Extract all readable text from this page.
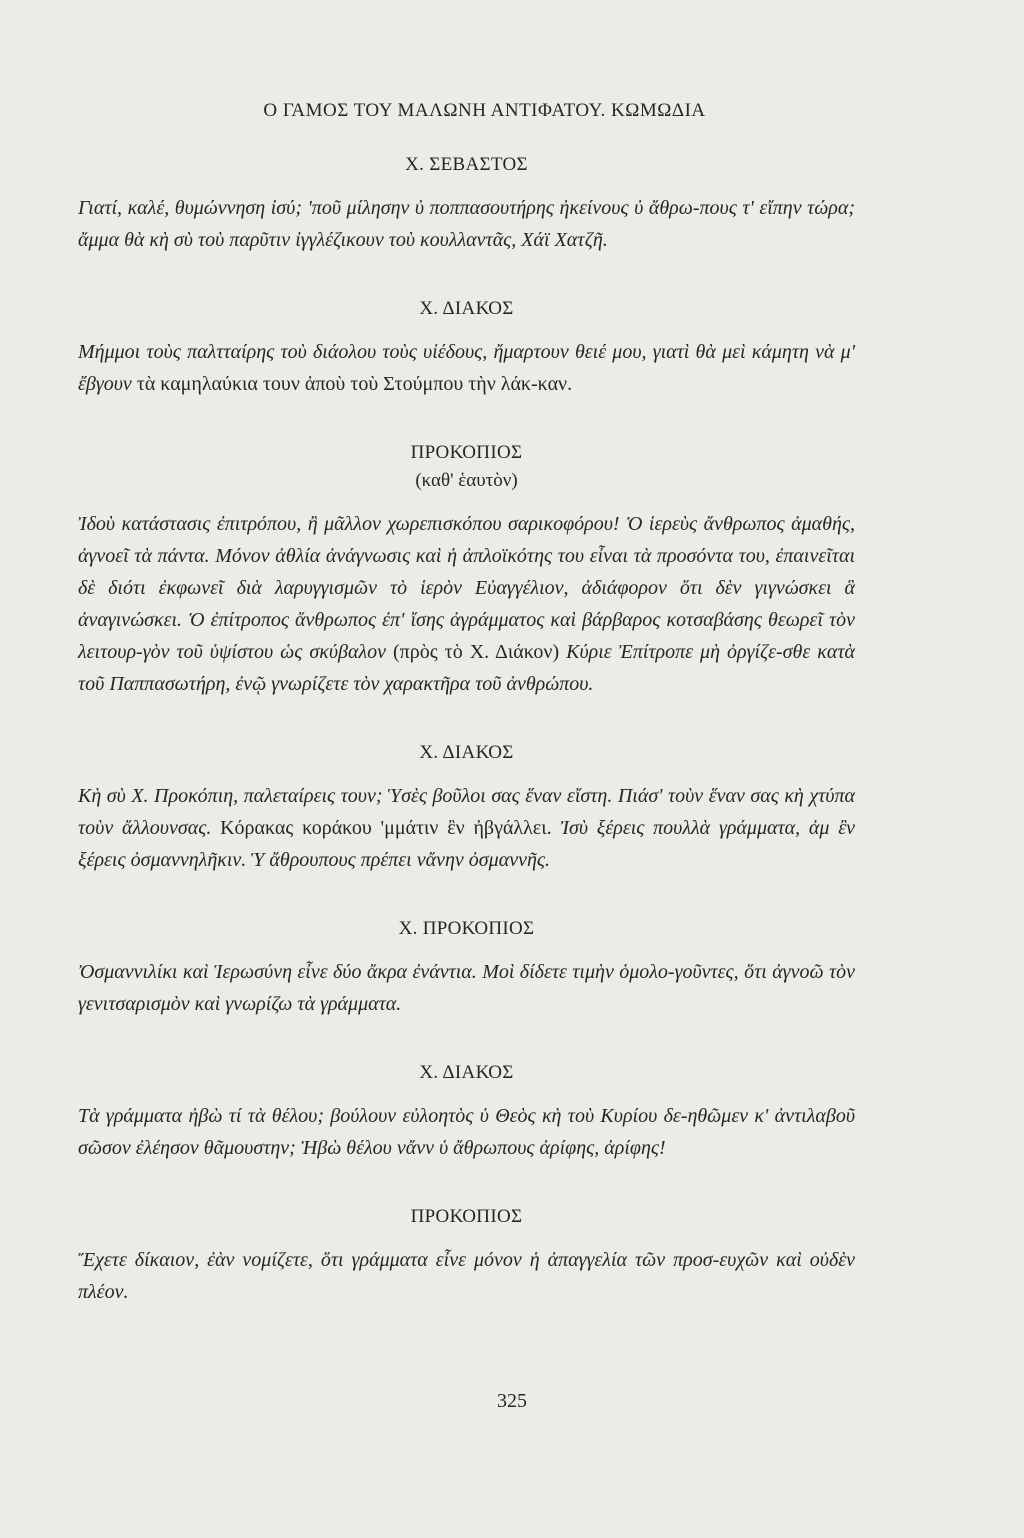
Ο ΓΑΜΟΣ ΤΟΥ ΜΑΛΩΝΗ ΑΝΤΙΦΑΤΟΥ. ΚΩΜΩΔΙΑ

Χ. ΣΕΒΑΣΤΟΣ

Γιατί, καλέ, θυμώννηση ἰσύ; 'ποῦ μίλησην ὐ ποππασουτήρης ἠκείνους ὐ ἄθρω-πους τ' εἴπην τώρα; ἄμμα θὰ κὴ σὺ τοὺ παρῦτιν ἰγγλέζικουν τοὺ κουλλαντᾶς, Χάϊ Χατζῆ.

Χ. ΔΙΑΚΟΣ

Μήμμοι τοὺς παλτταίρης τοὺ διάολου τοὺς υἱέδους, ἤμαρτουν θειέ μου, γιατὶ θὰ μεὶ κάμητη νὰ μ' ἔβγουν τὰ καμηλαύκια τουν ἀποὺ τοὺ Στούμπου τὴν λάκ-καν.

ΠΡΟΚΟΠΙΟΣ

(καθ' ἑαυτὸν)

Ἰδοὺ κατάστασις ἐπιτρόπου, ἢ μᾶλλον χωρεπισκόπου σαρικοφόρου! Ὁ ἱερεὺς ἄνθρωπος ἀμαθής, ἀγνοεῖ τὰ πάντα. Μόνον ἀθλία ἀνάγνωσις καὶ ἡ ἀπλοϊκότης του εἶναι τὰ προσόντα του, ἐπαινεῖται δὲ διότι ἐκφωνεῖ διὰ λαρυγγισμῶν τὸ ἱερὸν Εὐαγγέλιον, ἀδιάφορον ὅτι δὲν γιγνώσκει ἃ ἀναγινώσκει. Ὁ ἐπίτροπος ἄνθρωπος ἐπ' ἴσης ἀγράμματος καὶ βάρβαρος κοτσαβάσης θεωρεῖ τὸν λειτουρ-γὸν τοῦ ὑψίστου ὡς σκύβαλον (πρὸς τὸ Χ. Διάκον) Κύριε Ἐπίτροπε μὴ ὀργίζε-σθε κατὰ τοῦ Παππασωτήρη, ἐνῷ γνωρίζετε τὸν χαρακτῆρα τοῦ ἀνθρώπου.

Χ. ΔΙΑΚΟΣ

Κὴ σὺ Χ. Προκόπιη, παλεταίρεις τουν; Ὑσὲς βοῦλοι σας ἕναν εἴστη. Πιάσ' τοὺν ἕναν σας κὴ χτύπα τοὺν ἄλλουνσας. Κόρακας κοράκου 'μμάτιν ἒν ἠβγάλλει. Ἰσὺ ξέρεις πουλλὰ γράμματα, ἀμ ἒν ξέρεις ὀσμαννηλῆκιν. Ὑ ἄθρουπους πρέπει νἄνην ὀσμαννῆς.

Χ. ΠΡΟΚΟΠΙΟΣ

Ὀσμαννιλίκι καὶ Ἱερωσύνη εἶνε δύο ἄκρα ἐνάντια. Μοὶ δίδετε τιμὴν ὁμολο-γοῦντες, ὅτι ἀγνοῶ τὸν γενιτσαρισμὸν καὶ γνωρίζω τὰ γράμματα.

Χ. ΔΙΑΚΟΣ

Τὰ γράμματα ἠβὼ τί τὰ θέλου; βούλουν εὐλοητὸς ὑ Θεὸς κὴ τοὺ Κυρίου δε-ηθῶμεν κ' ἀντιλαβοῦ σῶσον ἐλέησον θᾶμουστην; Ἠβὼ θέλου νἄνν ὑ ἄθρωπους ἀρίφης, ἀρίφης!

ΠΡΟΚΟΠΙΟΣ

Ἔχετε δίκαιον, ἐὰν νομίζετε, ὅτι γράμματα εἶνε μόνον ἡ ἀπαγγελία τῶν προσ-ευχῶν καὶ οὐδὲν πλέον.

325
